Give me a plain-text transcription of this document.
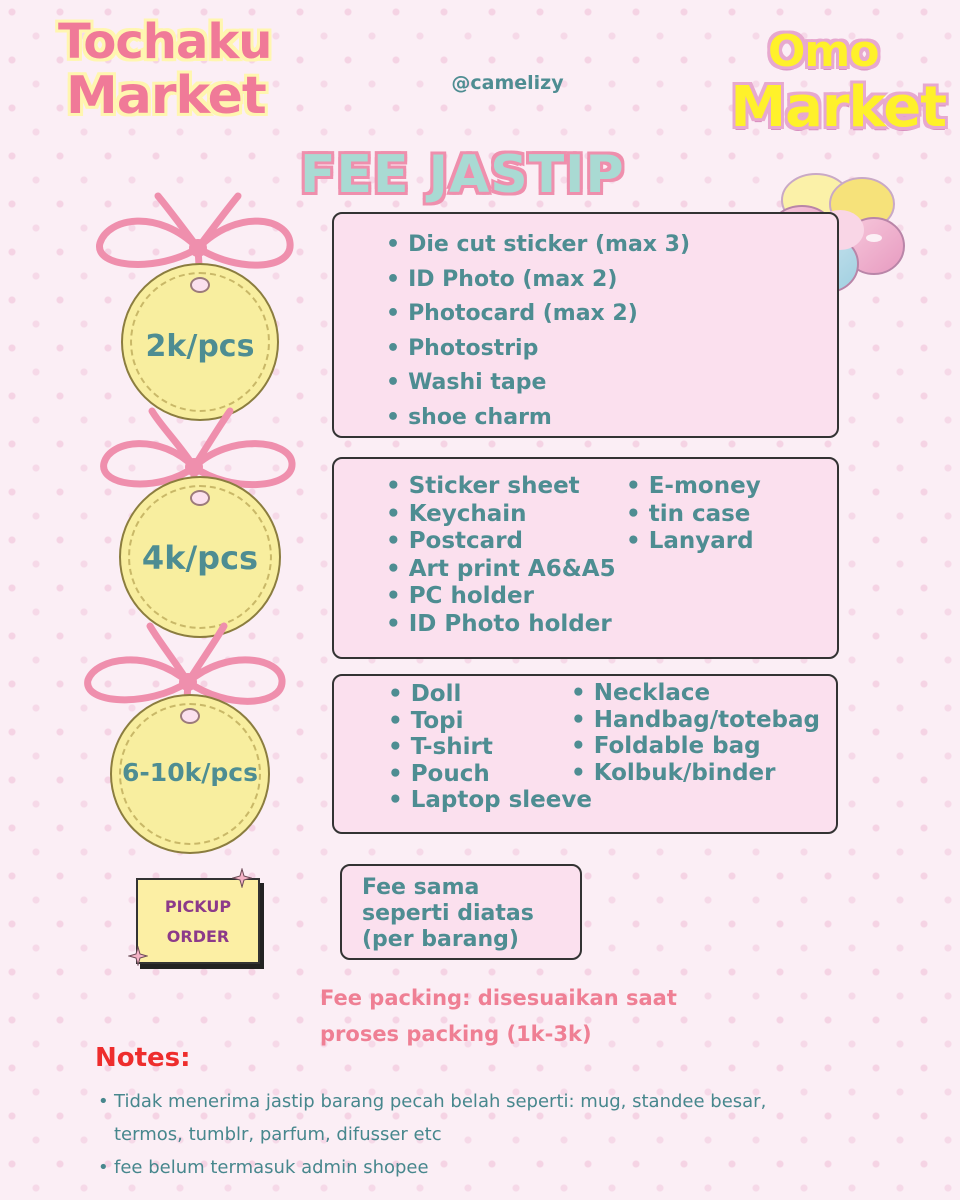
Tochaku
Market
Omo
Market
@camelizy
FEE JASTIP
2k/pcs
4k/pcs
6-10k/pcs
• Die cut sticker (max 3)
• ID Photo (max 2)
• Photocard (max 2)
• Photostrip
• Washi tape
• shoe charm
• Sticker sheet
• Keychain
• Postcard
• Art print A6&A5
• PC holder
• ID Photo holder
• E-money
• tin case
• Lanyard
• Doll
• Topi
• T-shirt
• Pouch
• Laptop sleeve
• Necklace
• Handbag/totebag
• Foldable bag
• Kolbuk/binder
PICKUP
ORDER
Fee sama
seperti diatas
(per barang)
Fee packing: disesuaikan saat
proses packing (1k-3k)
Notes:
• Tidak menerima jastip barang pecah belah seperti: mug, standee besar, termos, tumblr, parfum, difusser etc
• fee belum termasuk admin shopee
